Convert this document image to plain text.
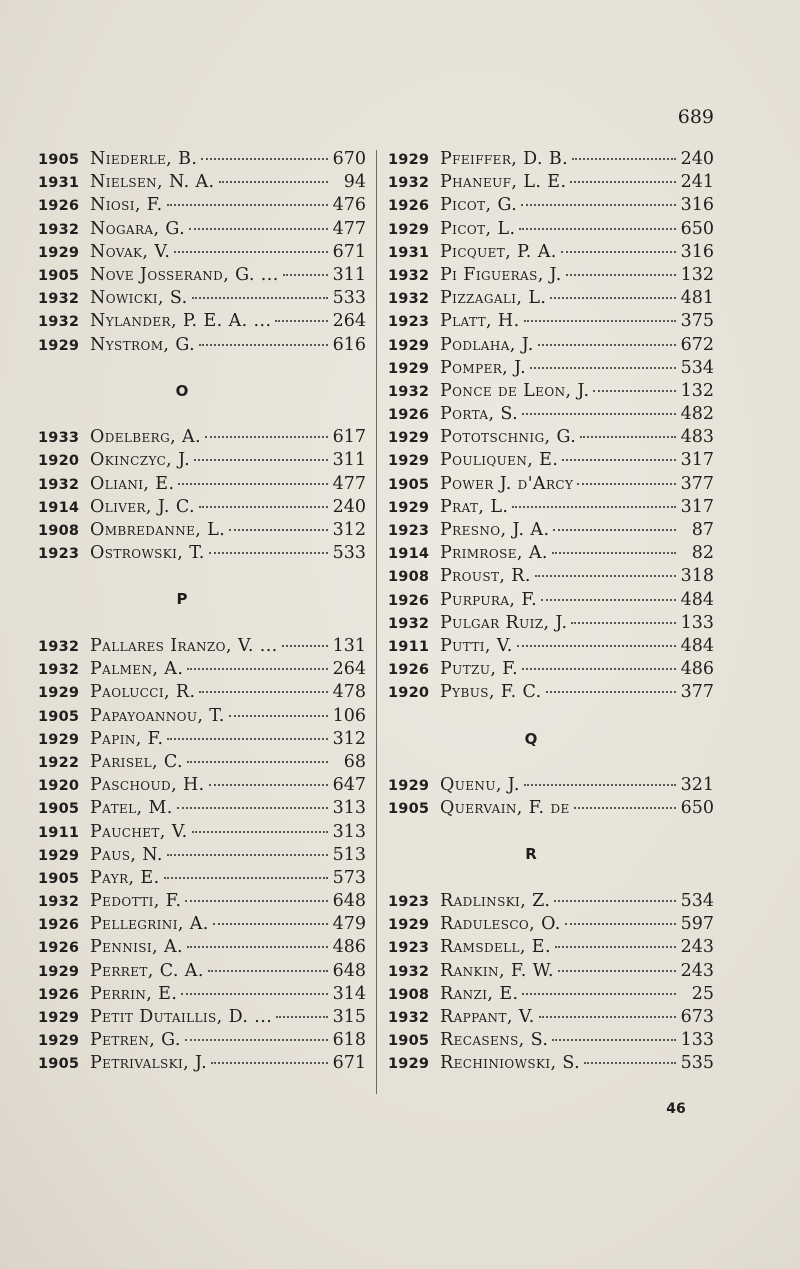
689
1905 Niederle, B.	670
1931 Nielsen, N. A.	94
1926 Niosi, F.	476
1932 Nogara, G.	477
1929 Novak, V.	671
1905 Nove Josserand, G. ...	311
1932 Nowicki, S.	533
1932 Nylander, P. E. A. ...	264
1929 Nystrom, G.	616
O
1933 Odelberg, A.	617
1920 Okinczyc, J.	311
1932 Oliani, E.	477
1914 Oliver, J. C.	240
1908 Ombredanne, L.	312
1923 Ostrowski, T.	533
P
1932 Pallares Iranzo, V. ...	131
1932 Palmen, A.	264
1929 Paolucci, R.	478
1905 Papayoannou, T.	106
1929 Papin, F.	312
1922 Parisel, C.	68
1920 Paschoud, H.	647
1905 Patel, M.	313
1911 Pauchet, V.	313
1929 Paus, N.	513
1905 Payr, E.	573
1932 Pedotti, F.	648
1926 Pellegrini, A.	479
1926 Pennisi, A.	486
1929 Perret, C. A.	648
1926 Perrin, E.	314
1929 Petit Dutaillis, D. ...	315
1929 Petren, G.	618
1905 Petrivalski, J.	671
1929 Pfeiffer, D. B.	240
1932 Phaneuf, L. E.	241
1926 Picot, G.	316
1929 Picot, L.	650
1931 Picquet, P. A.	316
1932 Pi Figueras, J.	132
1932 Pizzagali, L.	481
1923 Platt, H.	375
1929 Podlaha, J.	672
1929 Pomper, J.	534
1932 Ponce de Leon, J.	132
1926 Porta, S.	482
1929 Pototschnig, G.	483
1929 Pouliquen, E.	317
1905 Power J. d'Arcy	377
1929 Prat, L.	317
1923 Presno, J. A.	87
1914 Primrose, A.	82
1908 Proust, R.	318
1926 Purpura, F.	484
1932 Pulgar Ruiz, J.	133
1911 Putti, V.	484
1926 Putzu, F.	486
1920 Pybus, F. C.	377
Q
1929 Quenu, J.	321
1905 Quervain, F. de	650
R
1923 Radlinski, Z.	534
1929 Radulesco, O.	597
1923 Ramsdell, E.	243
1932 Rankin, F. W.	243
1908 Ranzi, E.	25
1932 Rappant, V.	673
1905 Recasens, S.	133
1929 Rechiniowski, S.	535
46
